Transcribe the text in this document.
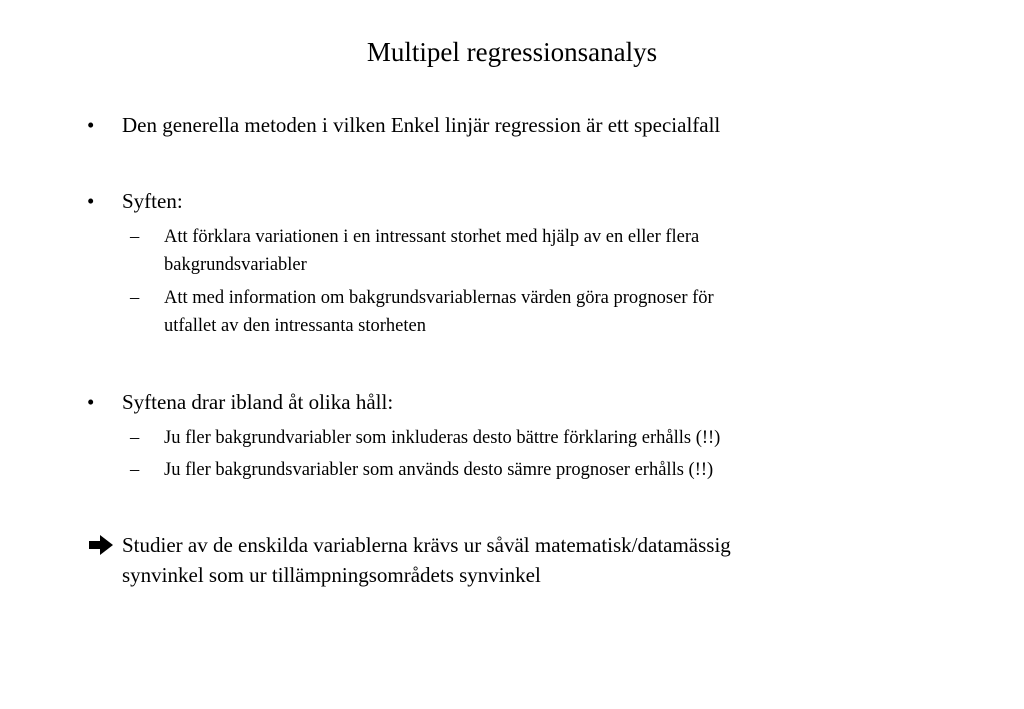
Multipel regressionsanalys
• Den generella metoden i vilken Enkel linjär regression är ett specialfall
• Syften:
– Att förklara variationen i en intressant storhet med hjälp av en eller flera
bakgrundsvariabler
– Att med information om bakgrundsvariablernas värden göra prognoser för
utfallet av den intressanta storheten
• Syftena drar ibland åt olika håll:
– Ju fler bakgrundvariabler som inkluderas desto bättre förklaring erhålls (!!)
– Ju fler bakgrundsvariabler som används desto sämre prognoser erhålls (!!)
Studier av de enskilda variablerna krävs ur såväl matematisk/datamässig
synvinkel som ur tillämpningsområdets synvinkel
